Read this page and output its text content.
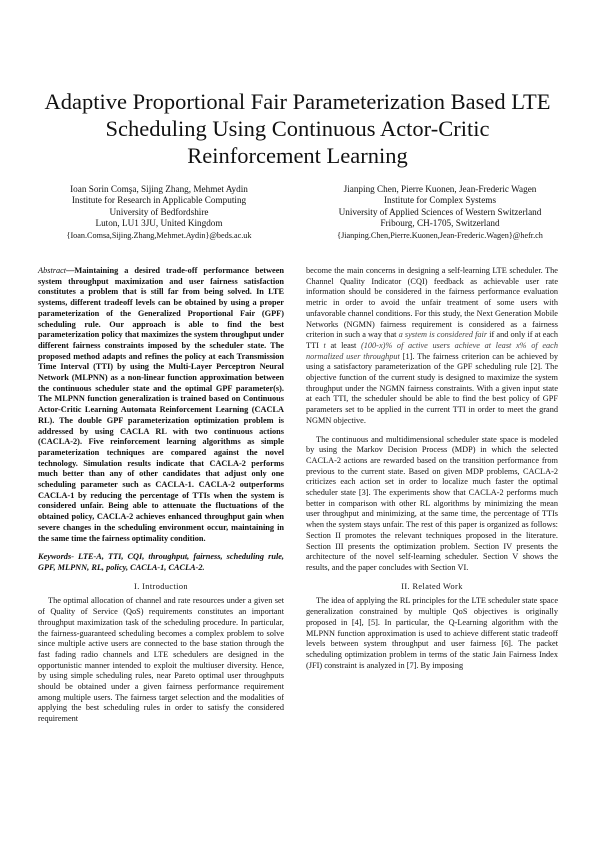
Adaptive Proportional Fair Parameterization Based LTE Scheduling Using Continuous Actor-Critic Reinforcement Learning
Ioan Sorin Comşa, Sijing Zhang, Mehmet Aydin
Institute for Research in Applicable Computing
University of Bedfordshire
Luton, LU1 3JU, United Kingdom
{Ioan.Comsa,Sijing.Zhang,Mehmet.Aydin}@beds.ac.uk
Jianping Chen, Pierre Kuonen, Jean-Frederic Wagen
Institute for Complex Systems
University of Applied Sciences of Western Switzerland
Fribourg, CH-1705, Switzerland
{Jianping.Chen,Pierre.Kuonen,Jean-Frederic.Wagen}@hefr.ch

Abstract—Maintaining a desired trade-off performance between system throughput maximization and user fairness satisfaction constitutes a problem that is still far from being solved. In LTE systems, different tradeoff levels can be obtained by using a proper parameterization of the Generalized Proportional Fair (GPF) scheduling rule. Our approach is able to find the best parameterization policy that maximizes the system throughput under different fairness constraints imposed by the scheduler state. The proposed method adapts and refines the policy at each Transmission Time Interval (TTI) by using the Multi-Layer Perceptron Neural Network (MLPNN) as a non-linear function approximation between the continuous scheduler state and the optimal GPF parameter(s). The MLPNN function generalization is trained based on Continuous Actor-Critic Learning Automata Reinforcement Learning (CACLA RL). The double GPF parameterization optimization problem is addressed by using CACLA RL with two continuous actions (CACLA-2). Five reinforcement learning algorithms as simple parameterization techniques are compared against the novel technology. Simulation results indicate that CACLA-2 performs much better than any of other candidates that adjust only one scheduling parameter such as CACLA-1. CACLA-2 outperforms CACLA-1 by reducing the percentage of TTIs when the system is considered unfair. Being able to attenuate the fluctuations of the obtained policy, CACLA-2 achieves enhanced throughput gain when severe changes in the scheduling environment occur, maintaining in the same time the fairness optimality condition.

Keywords- LTE-A, TTI, CQI, throughput, fairness, scheduling rule, GPF, MLPNN, RL, policy, CACLA-1, CACLA-2.

I. Introduction

The optimal allocation of channel and rate resources under a given set of Quality of Service (QoS) requirements constitutes an important throughput maximization task of the scheduling procedure. In particular, the fairness-guaranteed scheduling becomes a complex problem to solve since multiple active users are connected to the base station through the fast fading radio channels and LTE schedulers are designed in the opportunistic manner intended to exploit the multiuser diversity. Hence, by using simple scheduling rules, near Pareto optimal user throughputs should be obtained under a given fairness performance requirement among multiple users. The fairness target selection and the modalities of applying the best scheduling rules in order to satisfy the considered requirement

become the main concerns in designing a self-learning LTE scheduler. The Channel Quality Indicator (CQI) feedback as achievable user rate information should be considered in the fairness performance evaluation metric in order to avoid the unfair treatment of some users with unfavorable channel conditions. For this study, the Next Generation Mobile Networks (NGMN) fairness requirement is considered as a fairness criterion in such a way that a system is considered fair if and only if at each TTI t at least (100-x)% of active users achieve at least x% of each normalized user throughput [1]. The fairness criterion can be achieved by using a satisfactory parameterization of the GPF scheduling rule [2]. The objective function of the current study is designed to maximize the system throughput under the NGMN fairness constraints. With a given input state at each TTI, the scheduler should be able to find the best policy of GPF parameters set to be applied in the current TTI in order to meet the grand NGMN objective.

The continuous and multidimensional scheduler state space is modeled by using the Markov Decision Process (MDP) in which the selected CACLA-2 actions are rewarded based on the transition performance from previous to the current state. Based on given MDP problems, CACLA-2 criticizes each action set in order to localize much faster the optimal scheduler state [3]. The experiments show that CACLA-2 performs much better in comparison with other RL algorithms by minimizing the mean user throughput and minimizing, at the same time, the percentage of TTIs when the system stays unfair. The rest of this paper is organized as follows: Section II promotes the relevant techniques proposed in the literature. Section III presents the optimization problem. Section IV presents the architecture of the novel self-learning scheduler. Section V shows the results, and the paper concludes with Section VI.

II. Related Work

The idea of applying the RL principles for the LTE scheduler state space generalization constrained by multiple QoS objectives is originally proposed in [4], [5]. In particular, the Q-Learning algorithm with the MLPNN function approximation is used to achieve different static tradeoff levels between system throughput and user fairness [6]. The packet scheduling optimization problem in terms of the static Jain Fairness Index (JFI) constraint is analyzed in [7]. By imposing
